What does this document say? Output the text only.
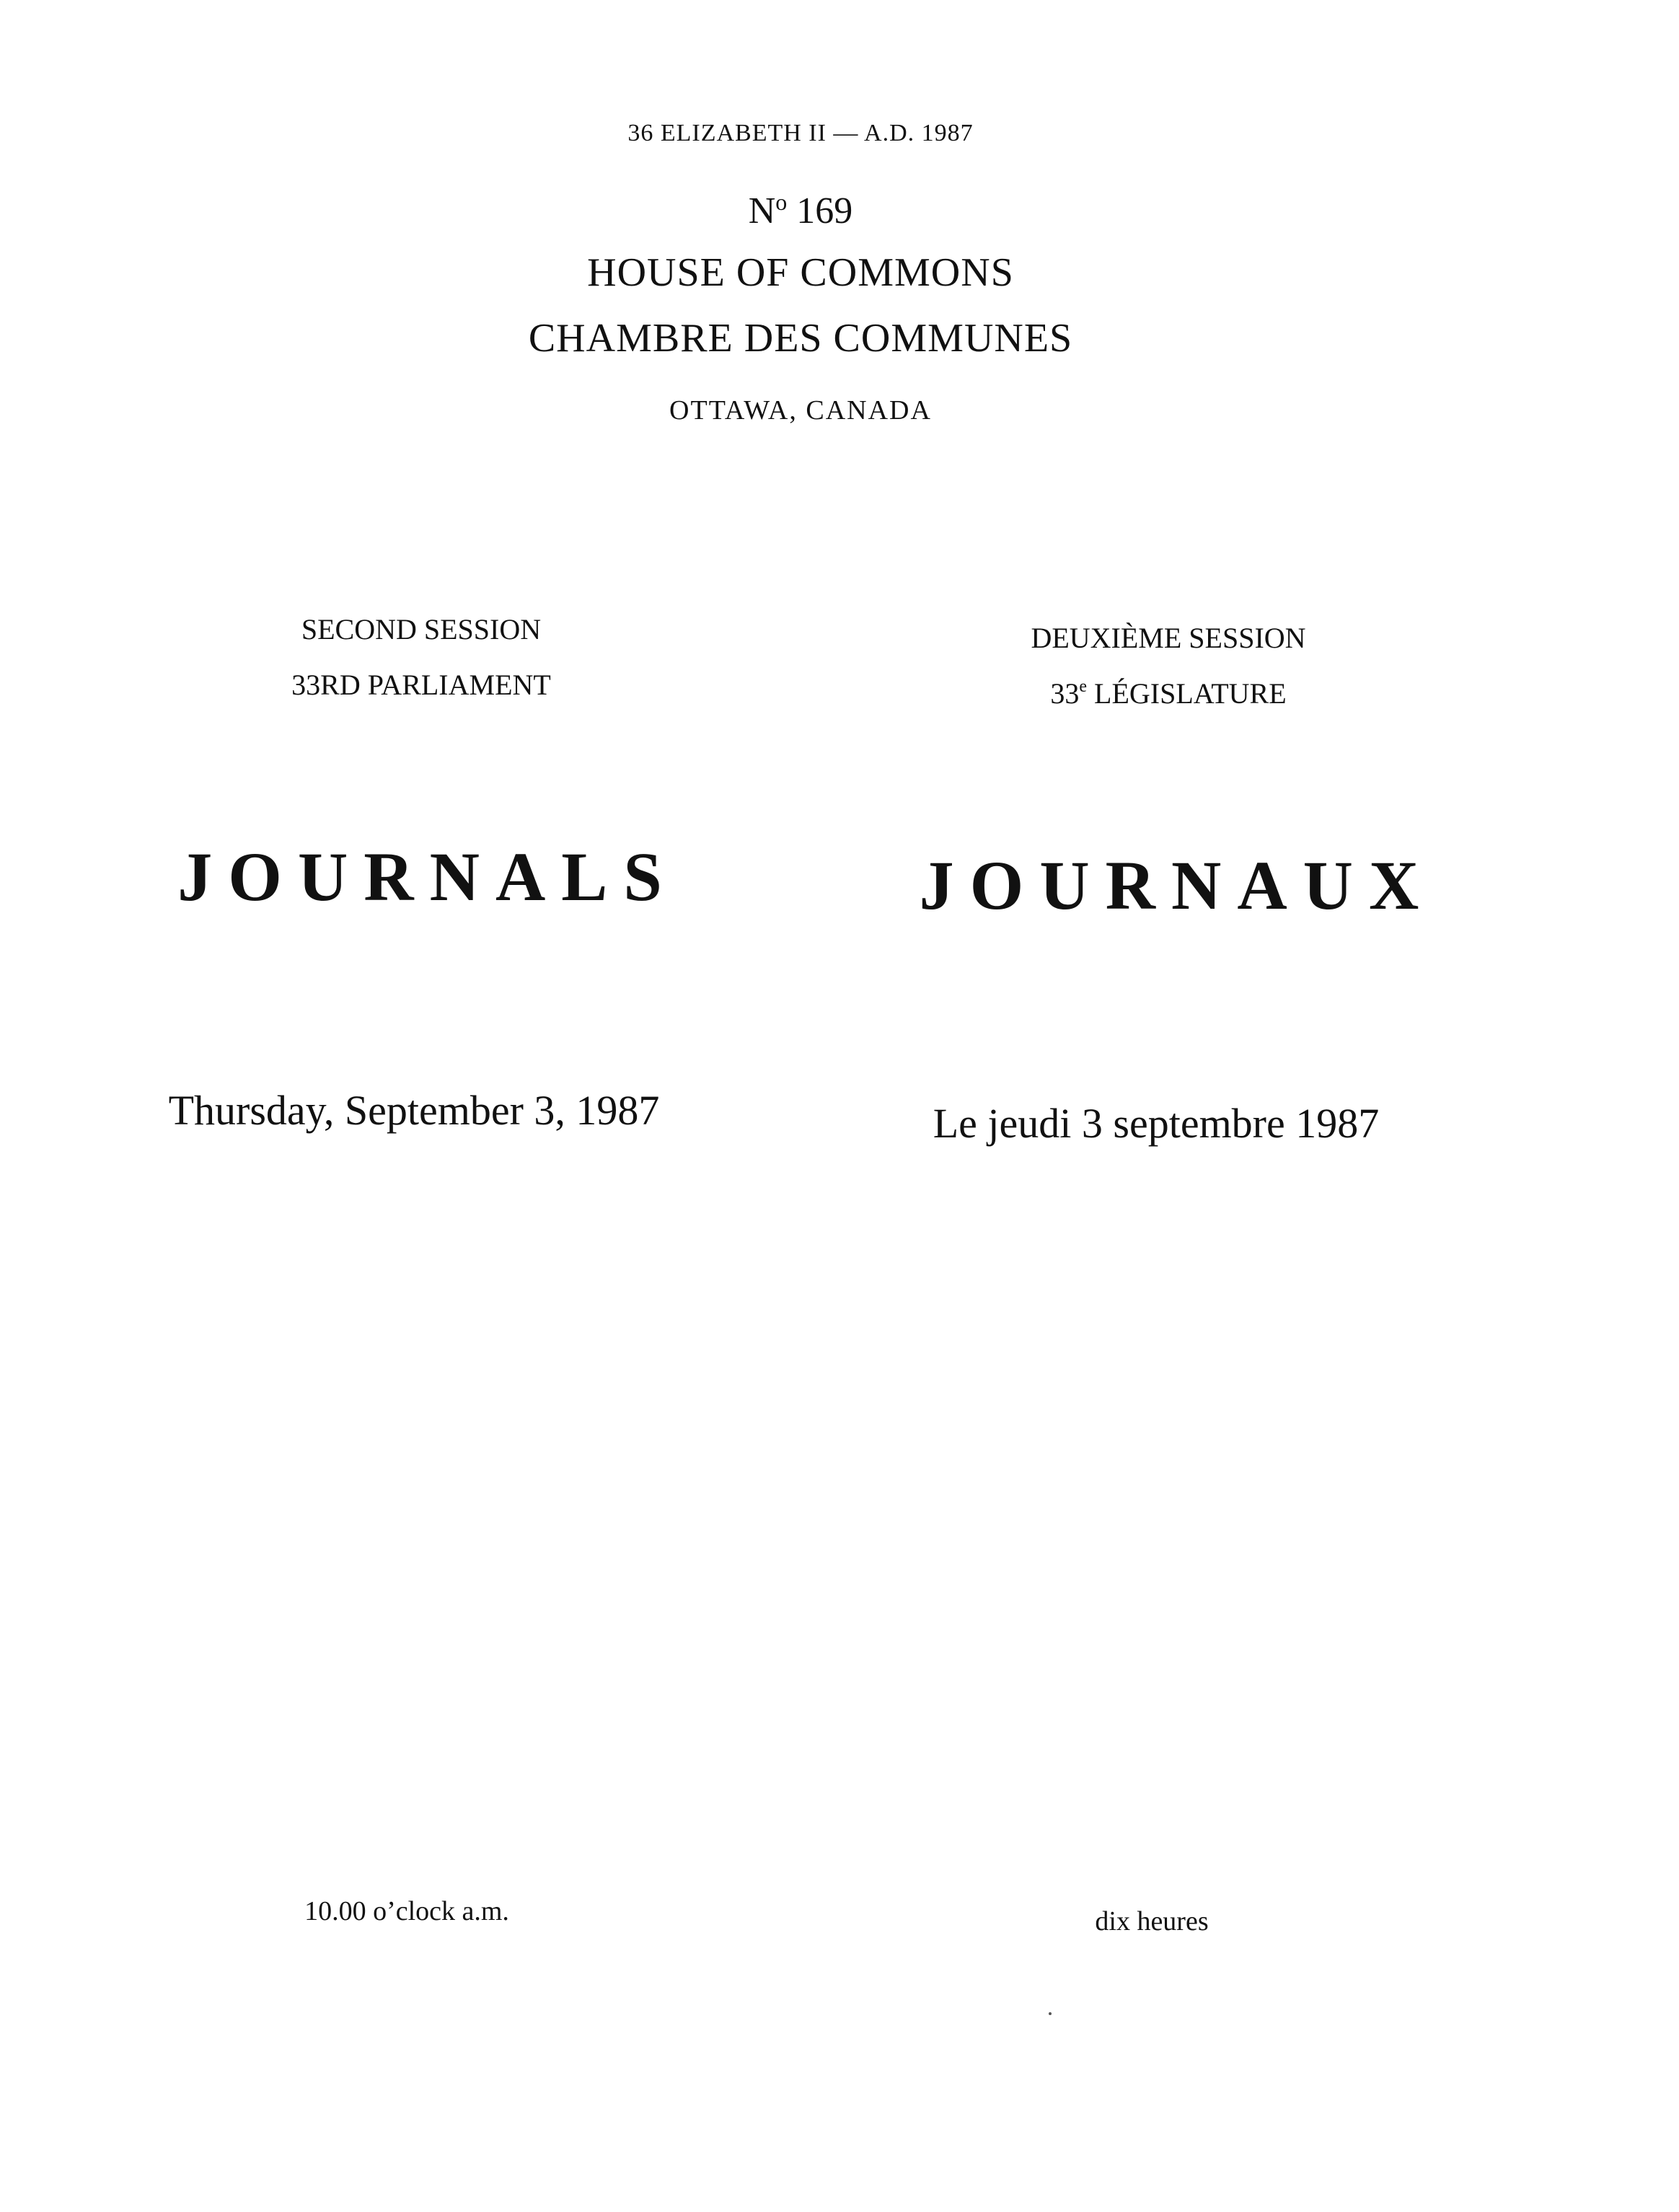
36 ELIZABETH II — A.D. 1987
$N^o$ 169
HOUSE OF COMMONS
CHAMBRE DES COMMUNES
OTTAWA, CANADA
SECOND SESSION
33RD PARLIAMENT
DEUXIÈME SESSION
33e LÉGISLATURE
JOURNALS	JOURNAUX
Thursday, September 3, 1987	Le jeudi 3 septembre 1987
10.00 o’clock a.m.	dix heures
